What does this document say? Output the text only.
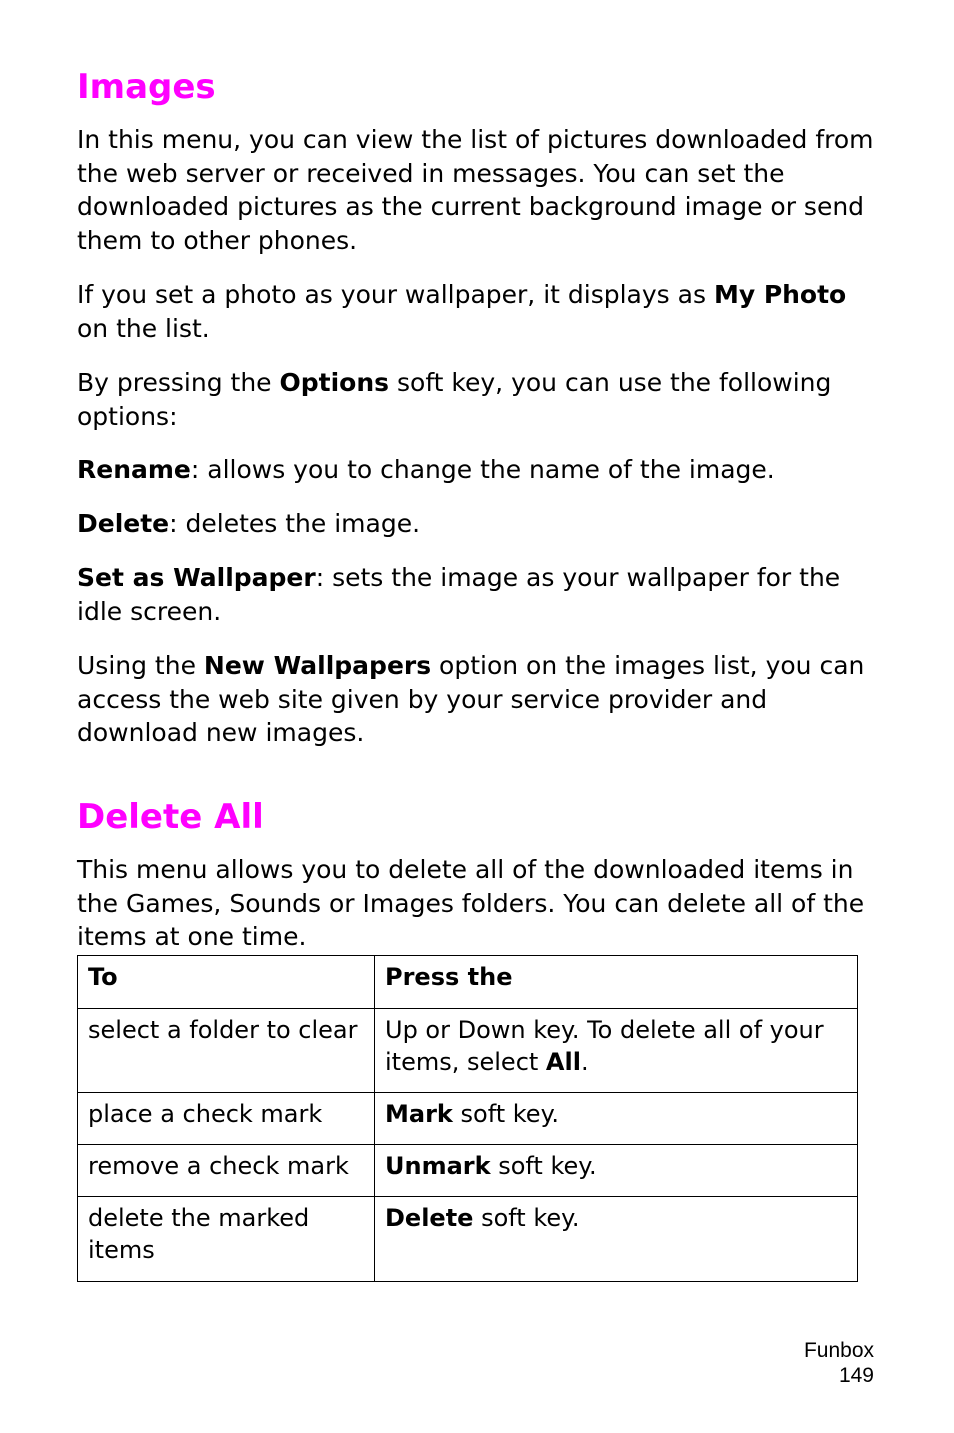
Images

In this menu, you can view the list of pictures downloaded from the web server or received in messages. You can set the downloaded pictures as the current background image or send them to other phones.

If you set a photo as your wallpaper, it displays as My Photo on the list.

By pressing the Options soft key, you can use the following options:

Rename: allows you to change the name of the image.

Delete: deletes the image.

Set as Wallpaper: sets the image as your wallpaper for the idle screen.

Using the New Wallpapers option on the images list, you can access the web site given by your service provider and download new images.

Delete All

This menu allows you to delete all of the downloaded items in the Games, Sounds or Images folders. You can delete all of the items at one time.

To	Press the
select a folder to clear	Up or Down key. To delete all of your items, select All.
place a check mark	Mark soft key.
remove a check mark	Unmark soft key.
delete the marked items	Delete soft key.
Funbox
149
